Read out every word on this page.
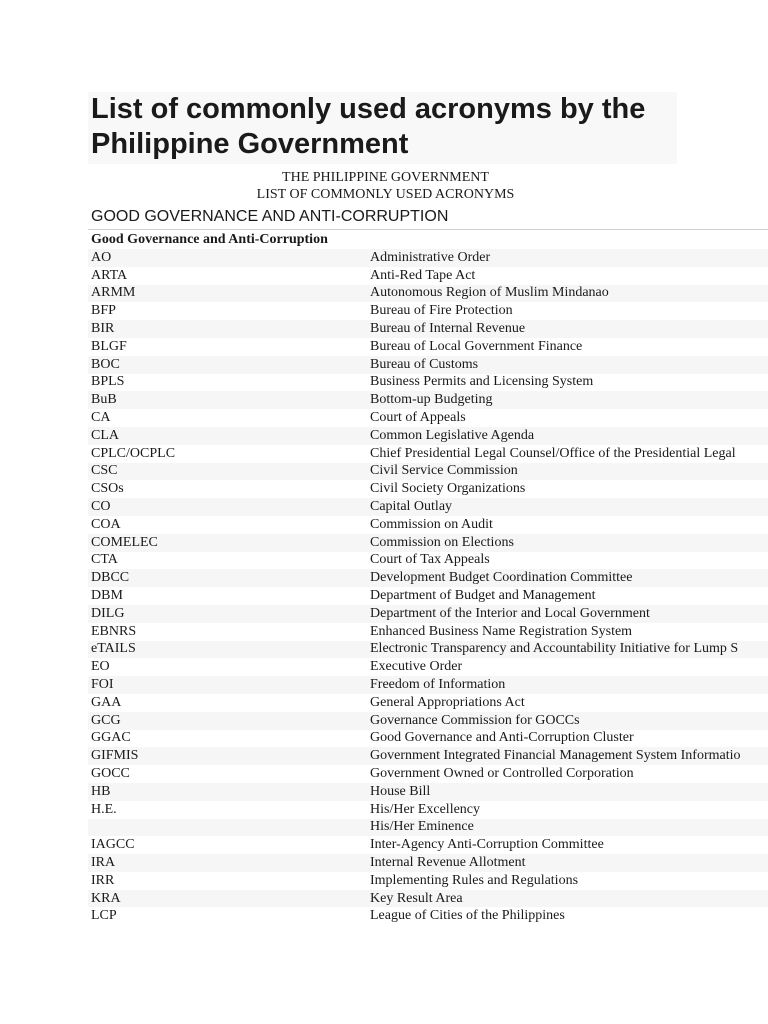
List of commonly used acronyms by the Philippine Government
THE PHILIPPINE GOVERNMENT
LIST OF COMMONLY USED ACRONYMS
GOOD GOVERNANCE AND ANTI-CORRUPTION
Good Governance and Anti-Corruption
AO	Administrative Order
ARTA	Anti-Red Tape Act
ARMM	Autonomous Region of Muslim Mindanao
BFP	Bureau of Fire Protection
BIR	Bureau of Internal Revenue
BLGF	Bureau of Local Government Finance
BOC	Bureau of Customs
BPLS	Business Permits and Licensing System
BuB	Bottom-up Budgeting
CA	Court of Appeals
CLA	Common Legislative Agenda
CPLC/OCPLC	Chief Presidential Legal Counsel/Office of the Presidential Legal
CSC	Civil Service Commission
CSOs	Civil Society Organizations
CO	Capital Outlay
COA	Commission on Audit
COMELEC	Commission on Elections
CTA	Court of Tax Appeals
DBCC	Development Budget Coordination Committee
DBM	Department of Budget and Management
DILG	Department of the Interior and Local Government
EBNRS	Enhanced Business Name Registration System
eTAILS	Electronic Transparency and Accountability Initiative for Lump S
EO	Executive Order
FOI	Freedom of Information
GAA	General Appropriations Act
GCG	Governance Commission for GOCCs
GGAC	Good Governance and Anti-Corruption Cluster
GIFMIS	Government Integrated Financial Management System Informatio
GOCC	Government Owned or Controlled Corporation
HB	House Bill
H.E.	His/Her Excellency
His/Her Eminence
IAGCC	Inter-Agency Anti-Corruption Committee
IRA	Internal Revenue Allotment
IRR	Implementing Rules and Regulations
KRA	Key Result Area
LCP	League of Cities of the Philippines
